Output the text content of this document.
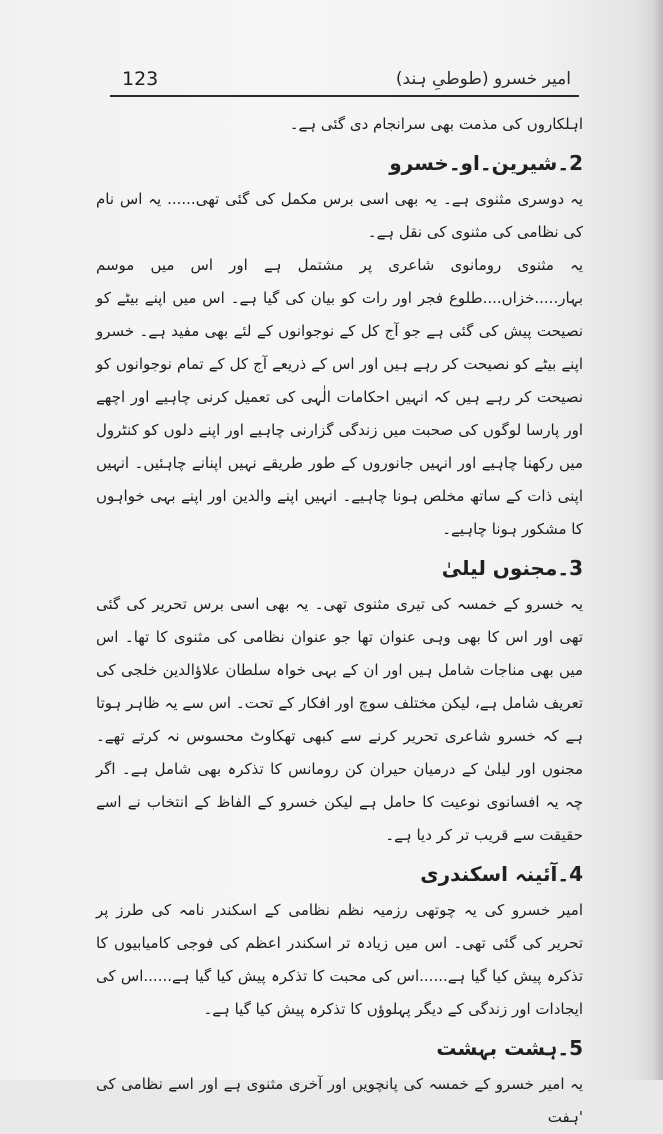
123	امیر خسرو (طوطیِ ہند)

اہلکاروں کی مذمت بھی سرانجام دی گئی ہے۔

2۔شیرین۔او۔خسرو

یہ دوسری مثنوی ہے۔ یہ بھی اسی برس مکمل کی گئی تھی...... یہ اس نام کی نظامی کی مثنوی کی نقل ہے۔

یہ مثنوی رومانوی شاعری پر مشتمل ہے اور اس میں موسم بہار.....خزاں....طلوع فجر اور رات کو بیان کی گیا ہے۔ اس میں اپنے بیٹے کو نصیحت پیش کی گئی ہے جو آج کل کے نوجوانوں کے لئے بھی مفید ہے۔ خسرو اپنے بیٹے کو نصیحت کر رہے ہیں اور اس کے ذریعے آج کل کے تمام نوجوانوں کو نصیحت کر رہے ہیں کہ انہیں احکامات الٰہی کی تعمیل کرنی چاہیے اور اچھے اور پارسا لوگوں کی صحبت میں زندگی گزارنی چاہیے اور اپنے دلوں کو کنٹرول میں رکھنا چاہیے اور انہیں جانوروں کے طور طریقے نہیں اپنانے چاہئیں۔ انہیں اپنی ذات کے ساتھ مخلص ہونا چاہیے۔ انہیں اپنے والدین اور اپنے بہی خواہوں کا مشکور ہونا چاہیے۔

3۔مجنوں لیلیٰ

یہ خسرو کے خمسہ کی تیری مثنوی تھی۔ یہ بھی اسی برس تحریر کی گئی تھی اور اس کا بھی وہی عنوان تھا جو عنوان نظامی کی مثنوی کا تھا۔ اس میں بھی مناجات شامل ہیں اور ان کے بہی خواہ سلطان علاؤالدین خلجی کی تعریف شامل ہے، لیکن مختلف سوچ اور افکار کے تحت۔ اس سے یہ ظاہر ہوتا ہے کہ خسرو شاعری تحریر کرنے سے کبھی تھکاوٹ محسوس نہ کرتے تھے۔ مجنوں اور لیلیٰ کے درمیان حیران کن رومانس کا تذکرہ بھی شامل ہے۔ اگر چہ یہ افسانوی نوعیت کا حامل ہے لیکن خسرو کے الفاظ کے انتخاب نے اسے حقیقت سے قریب تر کر دیا ہے۔

4۔آئینہ اسکندری

امیر خسرو کی یہ چوتھی رزمیہ نظم نظامی کے اسکندر نامہ کی طرز پر تحریر کی گئی تھی۔ اس میں زیادہ تر اسکندر اعظم کی فوجی کامیابیوں کا تذکرہ پیش کیا گیا ہے......اس کی محبت کا تذکرہ پیش کیا گیا ہے......اس کی ایجادات اور زندگی کے دیگر پہلوؤں کا تذکرہ پیش کیا گیا ہے۔

5۔ہشت بہشت

یہ امیر خسرو کے خمسہ کی پانچویں اور آخری مثنوی ہے اور اسے نظامی کی 'ہفت
